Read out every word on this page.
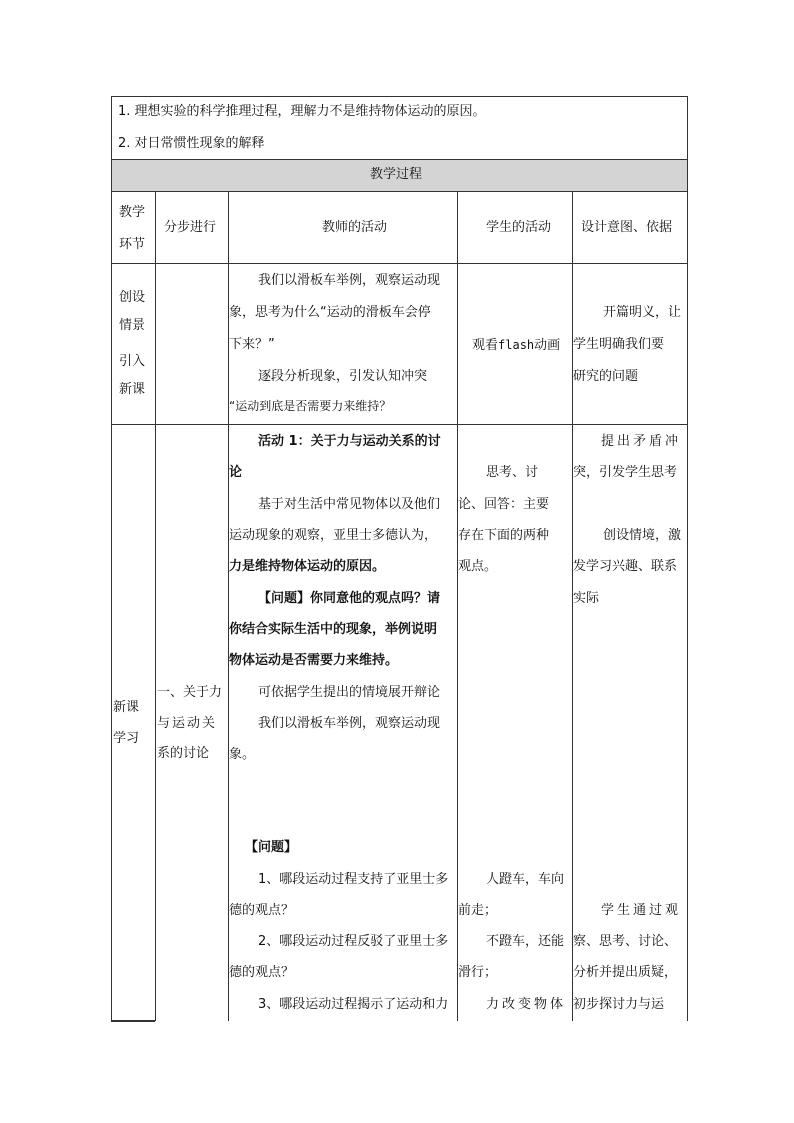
1. 理想实验的科学推理过程，理解力不是维持物体运动的原因。
2. 对日常惯性现象的解释
教学过程
教学
环节
分步进行	教师的活动	学生的活动 设计意图、依据
创设
情景
引入
新课
我们以滑板车举例，观察运动现
象，思考为什么“运动的滑板车会停
下来？”
逐段分析现象，引发认知冲突
“运动到底是否需要力来维持？
观看flash动画
开篇明义，让
学生明确我们要
研究的问题
新课
学习
一、关于力
与运动关
系的讨论
活动 1：关于力与运动关系的讨
论
基于对生活中常见物体以及他们
运动现象的观察，亚里士多德认为，
力是维持物体运动的原因。
【问题】你同意他的观点吗？请
你结合实际生活中的现象，举例说明
物体运动是否需要力来维持。
可依据学生提出的情境展开辩论
我们以滑板车举例，观察运动现
象。
【问题】
1、哪段运动过程支持了亚里士多
德的观点？
2、哪段运动过程反驳了亚里士多
德的观点？
3、哪段运动过程揭示了运动和力
思考、讨
论、回答：主要
存在下面的两种
观点。
人蹬车，车向
前走；
不蹬车，还能
滑行；
力改变物体
提出矛盾冲
突，引发学生思考
创设情境，激
发学习兴趣、联系
实际
学生通过观
察、思考、讨论、
分析并提出质疑，
初步探讨力与运
